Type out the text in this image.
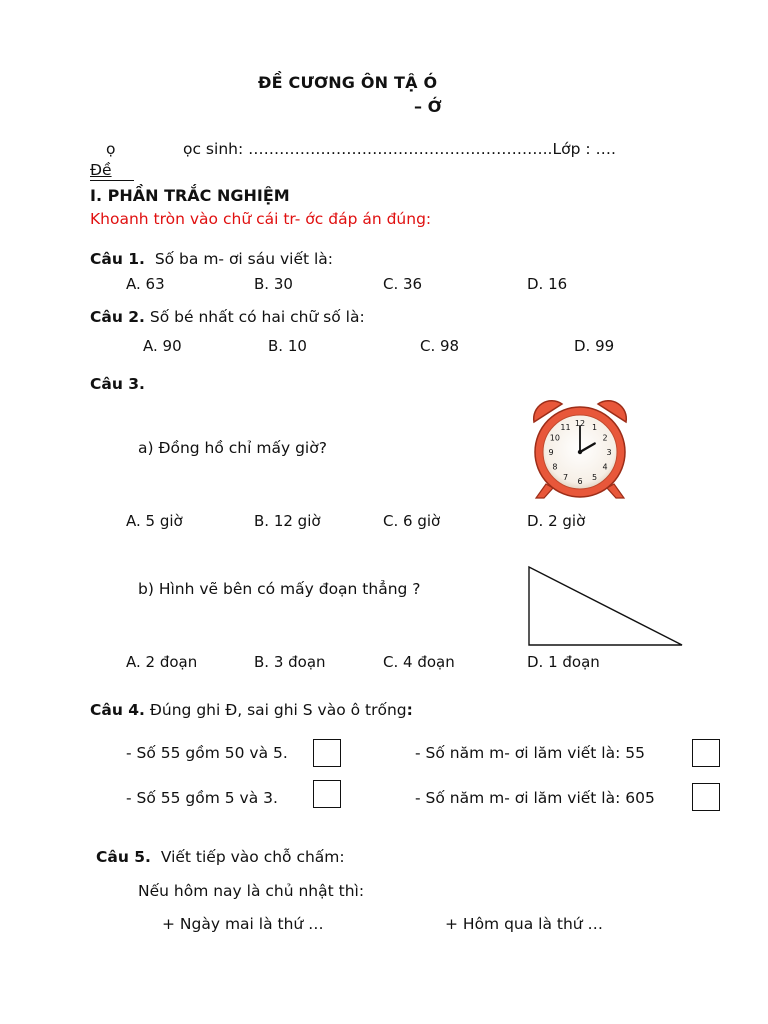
ĐỀ CƯƠNG ÔN TẬ Ó
– Ớ
ọ	ọc sinh: …………………………………………………..Lớp : ….
Đề
I. PHẦN TRẮC NGHIỆM
Khoanh tròn vào chữ cái tr- ớc đáp án đúng:
Câu 1. Số ba m- ơi sáu viết là:
A. 63	B. 30	C. 36	D. 16
Câu 2. Số bé nhất có hai chữ số là:
A. 90	B. 10	C. 98	D. 99
Câu 3.
a) Đồng hồ chỉ mấy giờ?
12 1
2
3
4
5
6
7
8
9
10
11
A. 5 giờ	B. 12 giờ	C. 6 giờ	D. 2 giờ
b) Hình vẽ bên có mấy đoạn thẳng ?
A. 2 đoạn	B. 3 đoạn	C. 4 đoạn	D. 1 đoạn
Câu 4. Đúng ghi Đ, sai ghi S vào ô trống:
- Số 55 gồm 50 và 5.	- Số năm m- ơi lăm viết là: 55
- Số 55 gồm 5 và 3.	- Số năm m- ơi lăm viết là: 605
Câu 5. Viết tiếp vào chỗ chấm:
Nếu hôm nay là chủ nhật thì:
+ Ngày mai là thứ …	+ Hôm qua là thứ …
